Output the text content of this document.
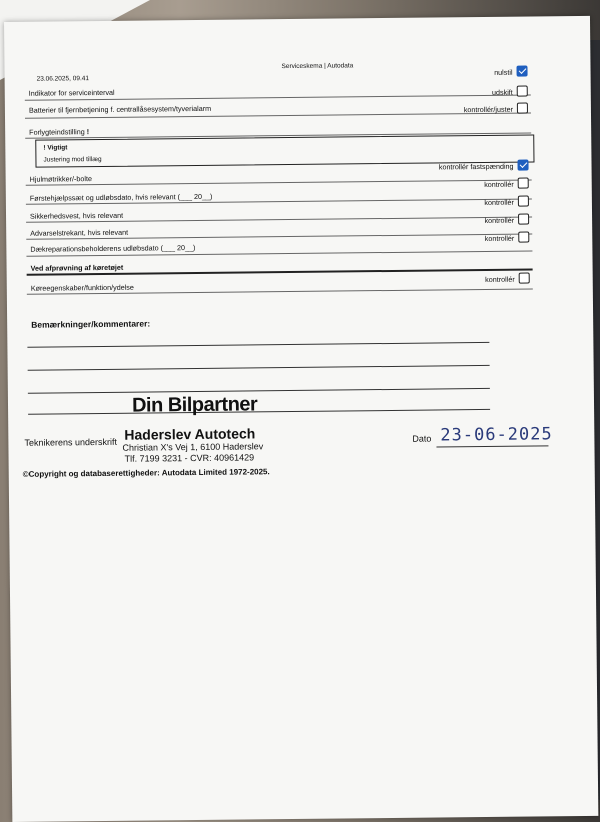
23.06.2025, 09.41
Serviceskema | Autodata
Indikator for serviceinterval
nulstil
Batterier til fjernbetjening f. centrallåsesystem/tyverialarm
udskift
kontrollér/juster
Forlygteindstilling !
! Vigtigt
Justering mod tillæg
Hjulmøtrikker/-bolte
kontrollér fastspænding
Førstehjælpssæt og udløbsdato, hvis relevant (___ 20__)
kontrollér
Sikkerhedsvest, hvis relevant
kontrollér
Advarselstrekant, hvis relevant
kontrollér
Dækreparationsbeholderens udløbsdato (___ 20__)
kontrollér
Ved afprøvning af køretøjet
Køreegenskaber/funktion/ydelse
kontrollér
Bemærkninger/kommentarer:
Din Bilpartner
Haderslev Autotech
Christian X's Vej 1, 6100 Haderslev
Tlf. 7199 3231 - CVR: 40961429
Teknikerens underskrift	Dato 23-06-2025
©Copyright og databaserettigheder: Autodata Limited 1972-2025.
